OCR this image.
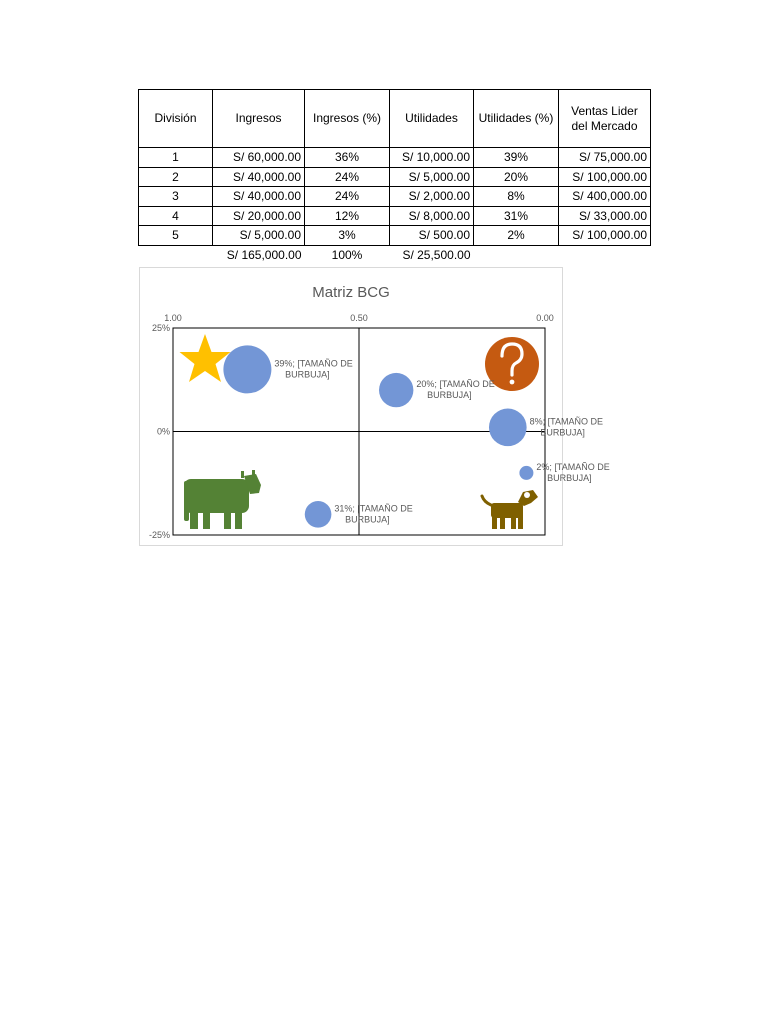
División	Ingresos	Ingresos (%)	Utilidades	Utilidades (%)	Ventas Lider del Mercado
1	S/ 60,000.00	36%	S/ 10,000.00	39%	S/ 75,000.00
2	S/ 40,000.00	24%	S/ 5,000.00	20%	S/ 100,000.00
3	S/ 40,000.00	24%	S/ 2,000.00	8%	S/ 400,000.00
4	S/ 20,000.00	12%	S/ 8,000.00	31%	S/ 33,000.00
5	S/ 5,000.00	3%	S/ 500.00	2%	S/ 100,000.00
	S/ 165,000.00	100%	S/ 25,500.00		
Matriz BCG
1.00	0.50	0.00
25%
0%
-25%
39%; [TAMAÑO DE BURBUJA]
20%; [TAMAÑO DE BURBUJA]
8%; [TAMAÑO DE BURBUJA]
2%; [TAMAÑO DE BURBUJA]
31%; [TAMAÑO DE BURBUJA]
